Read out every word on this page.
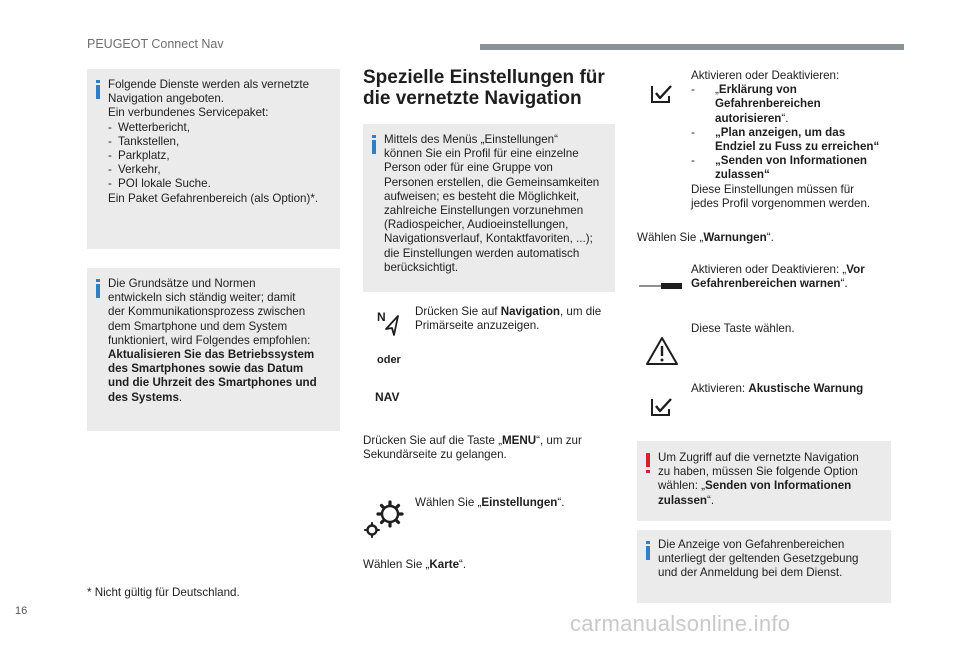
PEUGEOT Connect Nav
Folgende Dienste werden als vernetzte
Navigation angeboten.
Ein verbundenes Servicepaket:
- Wetterbericht,
- Tankstellen,
- Parkplatz,
- Verkehr,
- POI lokale Suche.
Ein Paket Gefahrenbereich (als Option)*.
Die Grundsätze und Normen
entwickeln sich ständig weiter; damit
der Kommunikationsprozess zwischen
dem Smartphone und dem System
funktioniert, wird Folgendes empfohlen:
Aktualisieren Sie das Betriebssystem
des Smartphones sowie das Datum
und die Uhrzeit des Smartphones und
des Systems.
* Nicht gültig für Deutschland.
Spezielle Einstellungen für
die vernetzte Navigation
Mittels des Menüs „Einstellungen“
können Sie ein Profil für eine einzelne
Person oder für eine Gruppe von
Personen erstellen, die Gemeinsamkeiten
aufweisen; es besteht die Möglichkeit,
zahlreiche Einstellungen vorzunehmen
(Radiospeicher, Audioeinstellungen,
Navigationsverlauf, Kontaktfavoriten, ...);
die Einstellungen werden automatisch
berücksichtigt.
N	Drücken Sie auf Navigation, um die
Primärseite anzuzeigen.
oder
NAV
Drücken Sie auf die Taste „MENU“, um zur
Sekundärseite zu gelangen.
Wählen Sie „Einstellungen“.
Wählen Sie „Karte“.
Aktivieren oder Deaktivieren:
- „Erklärung von
Gefahrenbereichen
autorisieren“.
- „Plan anzeigen, um das
Endziel zu Fuss zu erreichen“
- „Senden von Informationen
zulassen“
Diese Einstellungen müssen für
jedes Profil vorgenommen werden.
Wählen Sie „Warnungen“.
Aktivieren oder Deaktivieren: „Vor
Gefahrenbereichen warnen“.
Diese Taste wählen.
Aktivieren: Akustische Warnung
Um Zugriff auf die vernetzte Navigation
zu haben, müssen Sie folgende Option
wählen: „Senden von Informationen
zulassen“.
Die Anzeige von Gefahrenbereichen
unterliegt der geltenden Gesetzgebung
und der Anmeldung bei dem Dienst.
16	carmanualsonline.info
